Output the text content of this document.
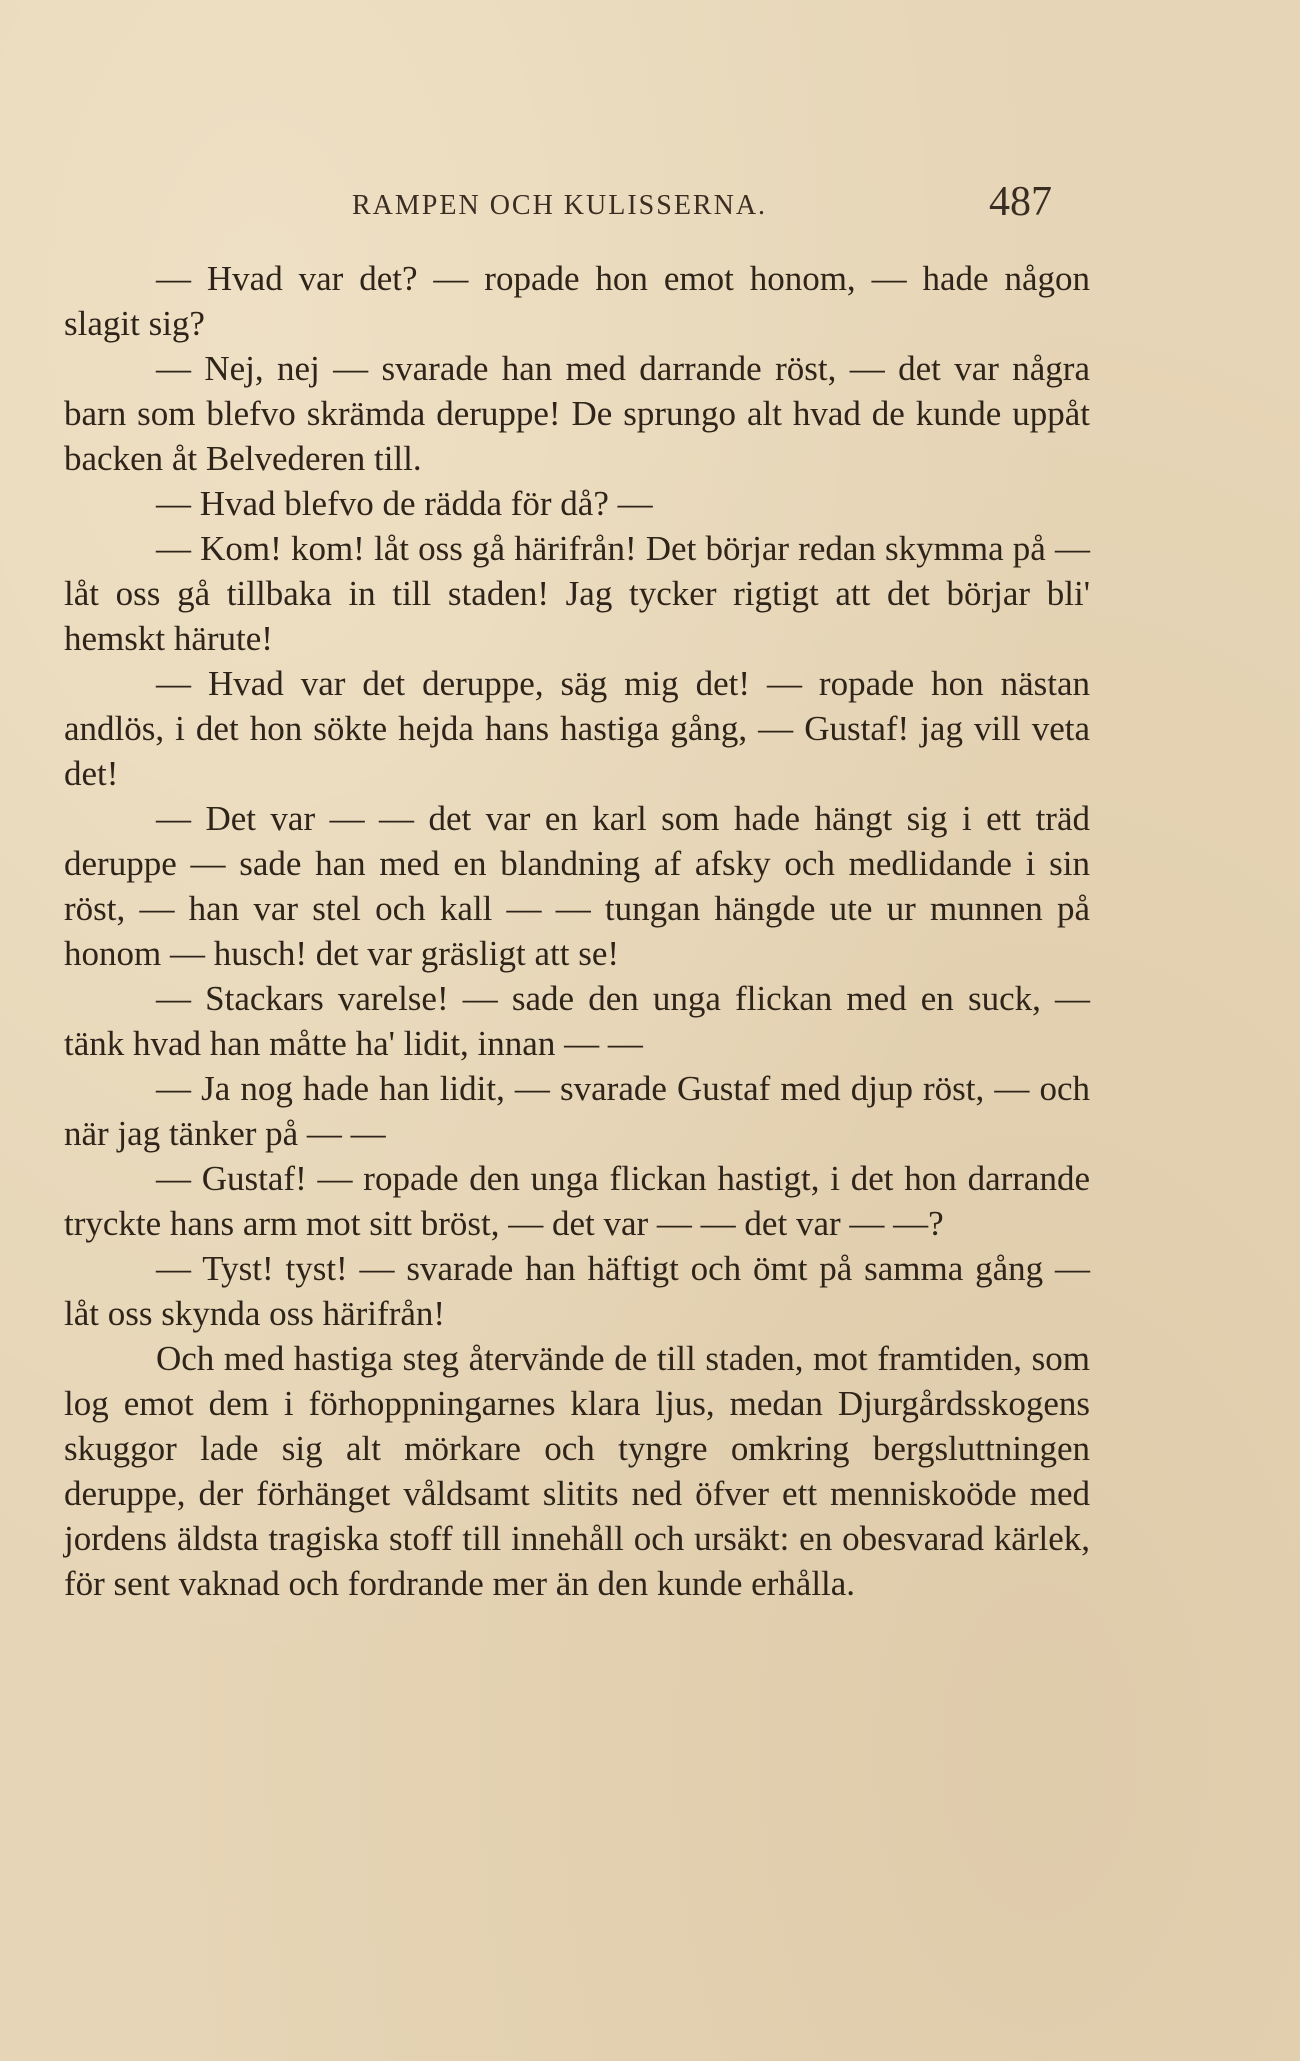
RAMPEN OCH KULISSERNA.	487

— Hvad var det? — ropade hon emot honom, — hade någon slagit sig?

— Nej, nej — svarade han med darrande röst, — det var några barn som blefvo skrämda deruppe! De sprungo alt hvad de kunde uppåt backen åt Belvederen till.

— Hvad blefvo de rädda för då? —

— Kom! kom! låt oss gå härifrån! Det börjar redan skymma på — låt oss gå tillbaka in till staden! Jag tycker rigtigt att det börjar bli' hemskt härute!

— Hvad var det deruppe, säg mig det! — ropade hon nästan andlös, i det hon sökte hejda hans hastiga gång, — Gustaf! jag vill veta det!

— Det var — — det var en karl som hade hängt sig i ett träd deruppe — sade han med en blandning af afsky och medlidande i sin röst, — han var stel och kall — — tungan hängde ute ur munnen på honom — husch! det var gräsligt att se!

— Stackars varelse! — sade den unga flickan med en suck, — tänk hvad han måtte ha' lidit, innan — —

— Ja nog hade han lidit, — svarade Gustaf med djup röst, — och när jag tänker på — —

— Gustaf! — ropade den unga flickan hastigt, i det hon darrande tryckte hans arm mot sitt bröst, — det var — — det var — —?

— Tyst! tyst! — svarade han häftigt och ömt på samma gång — låt oss skynda oss härifrån!

Och med hastiga steg återvände de till staden, mot framtiden, som log emot dem i förhoppningarnes klara ljus, medan Djurgårdsskogens skuggor lade sig alt mörkare och tyngre omkring bergsluttningen deruppe, der förhänget våldsamt slitits ned öfver ett menniskoöde med jordens äldsta tragiska stoff till innehåll och ursäkt: en obesvarad kärlek, för sent vaknad och fordrande mer än den kunde erhålla.
